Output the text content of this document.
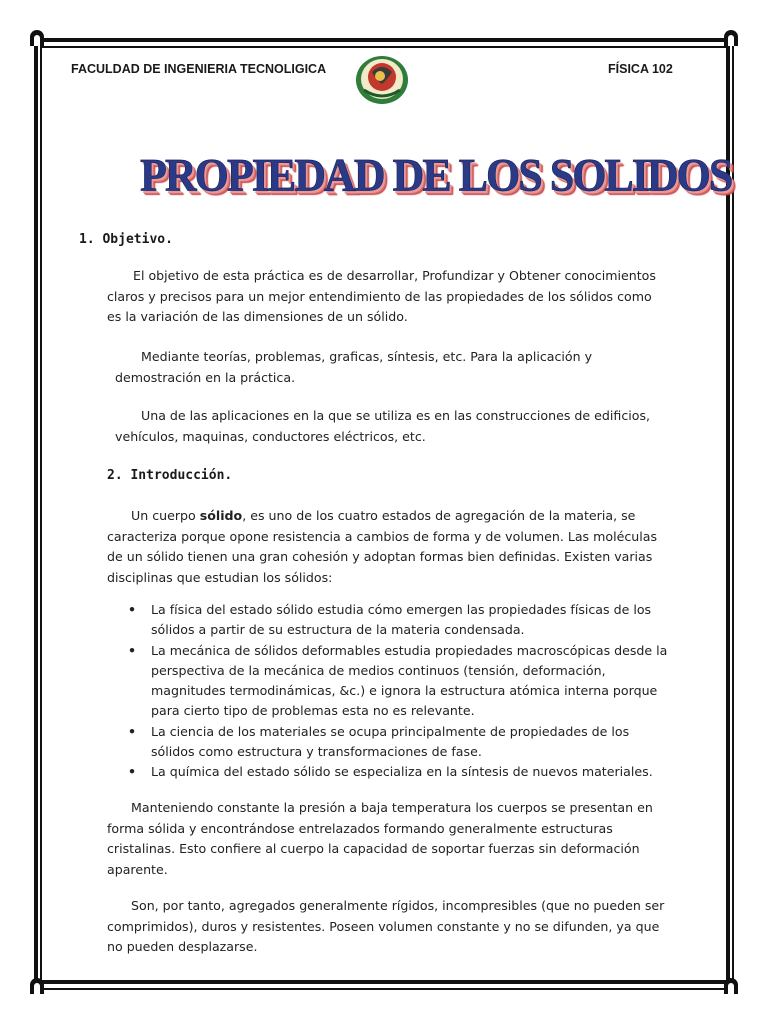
FACULDAD DE INGENIERIA TECNOLIGICA	FÍSICA 102
PROPIEDAD DE LOS SOLIDOS
1. Objetivo.

El objetivo de esta práctica es de desarrollar, Profundizar y Obtener conocimientos claros y precisos para un mejor entendimiento de las propiedades de los sólidos como es la variación de las dimensiones de un sólido.

Mediante teorías, problemas, graficas, síntesis, etc. Para la aplicación y demostración en la práctica.

Una de las aplicaciones en la que se utiliza es en las construcciones de edificios, vehículos, maquinas, conductores eléctricos, etc.

2. Introducción.

Un cuerpo sólido, es uno de los cuatro estados de agregación de la materia, se caracteriza porque opone resistencia a cambios de forma y de volumen. Las moléculas de un sólido tienen una gran cohesión y adoptan formas bien definidas. Existen varias disciplinas que estudian los sólidos:

• La física del estado sólido estudia cómo emergen las propiedades físicas de los sólidos a partir de su estructura de la materia condensada.
• La mecánica de sólidos deformables estudia propiedades macroscópicas desde la perspectiva de la mecánica de medios continuos (tensión, deformación, magnitudes termodinámicas, &c.) e ignora la estructura atómica interna porque para cierto tipo de problemas esta no es relevante.
• La ciencia de los materiales se ocupa principalmente de propiedades de los sólidos como estructura y transformaciones de fase.
• La química del estado sólido se especializa en la síntesis de nuevos materiales.

Manteniendo constante la presión a baja temperatura los cuerpos se presentan en forma sólida y encontrándose entrelazados formando generalmente estructuras cristalinas. Esto confiere al cuerpo la capacidad de soportar fuerzas sin deformación aparente.

Son, por tanto, agregados generalmente rígidos, incompresibles (que no pueden ser comprimidos), duros y resistentes. Poseen volumen constante y no se difunden, ya que no pueden desplazarse.
